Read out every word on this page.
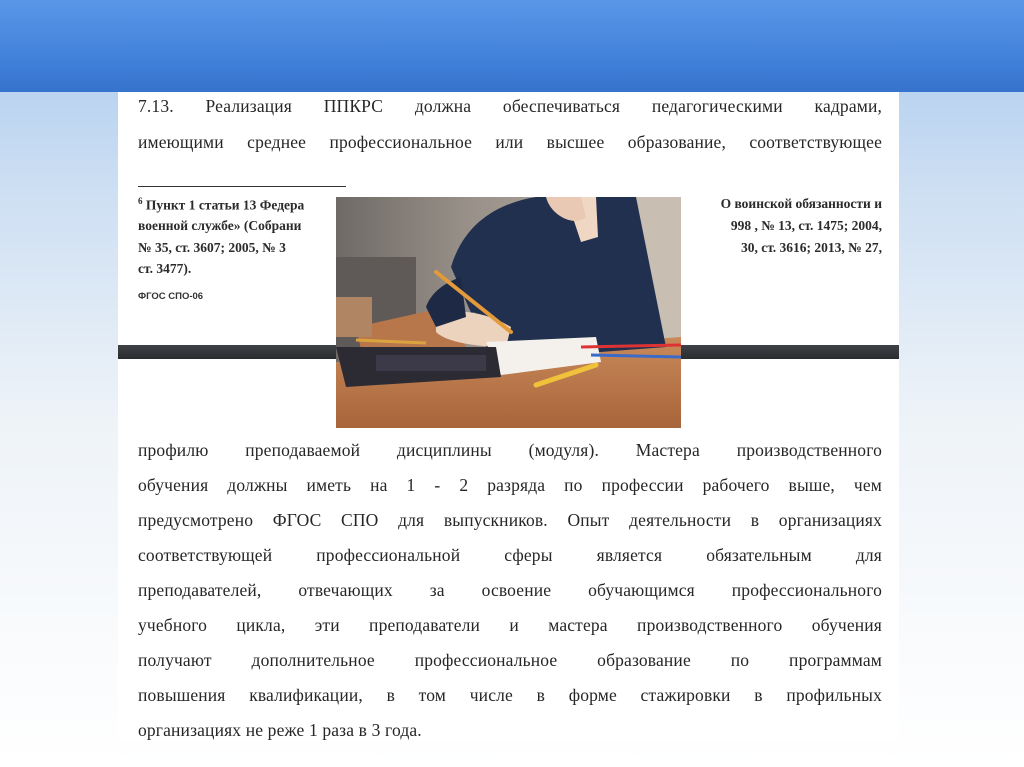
7.13. Реализация ППКРС должна обеспечиваться педагогическими кадрами,
имеющими среднее профессиональное или высшее образование, соответствующее
$^6$ Пункт 1 статьи 13 Федера	О воинской обязанности и
военной службе» (Собрани	998 , № 13, ст. 1475; 2004,
№ 35, ст. 3607; 2005, № 3	30, ст. 3616; 2013, № 27,
ст. 3477).
ФГОС СПО-06
профилю преподаваемой дисциплины (модуля). Мастера производственного
обучения должны иметь на 1 - 2 разряда по профессии рабочего выше, чем
предусмотрено ФГОС СПО для выпускников. Опыт деятельности в организациях
соответствующей профессиональной сферы является обязательным для
преподавателей, отвечающих за освоение обучающимся профессионального
учебного цикла, эти преподаватели и мастера производственного обучения
получают дополнительное профессиональное образование по программам
повышения квалификации, в том числе в форме стажировки в профильных
организациях не реже 1 раза в 3 года.
